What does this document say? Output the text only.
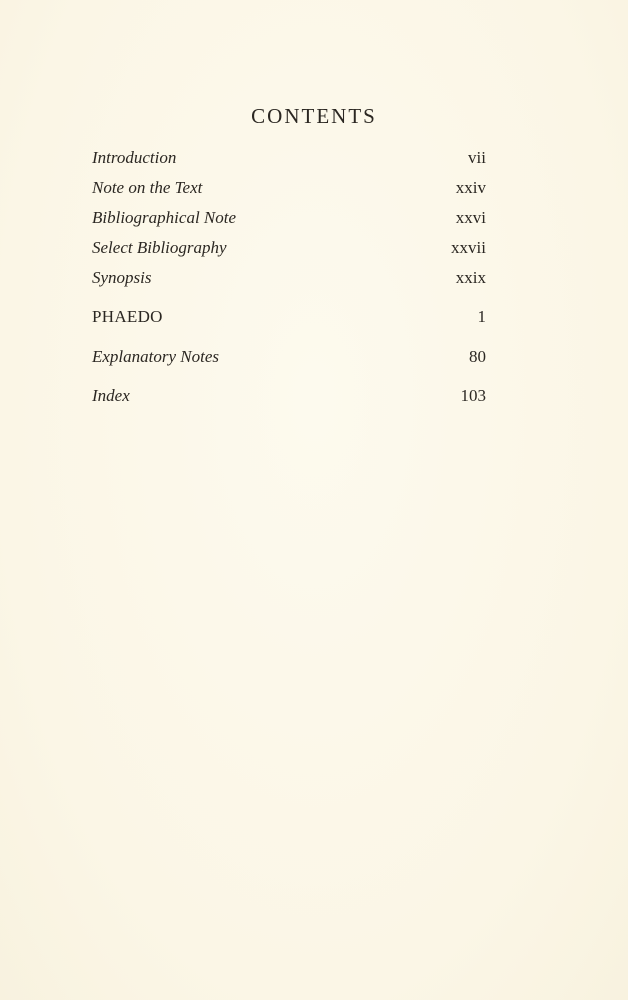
CONTENTS
Introduction	vii
Note on the Text	xxiv
Bibliographical Note	xxvi
Select Bibliography	xxvii
Synopsis	xxix
PHAEDO	1
Explanatory Notes	80
Index	103
